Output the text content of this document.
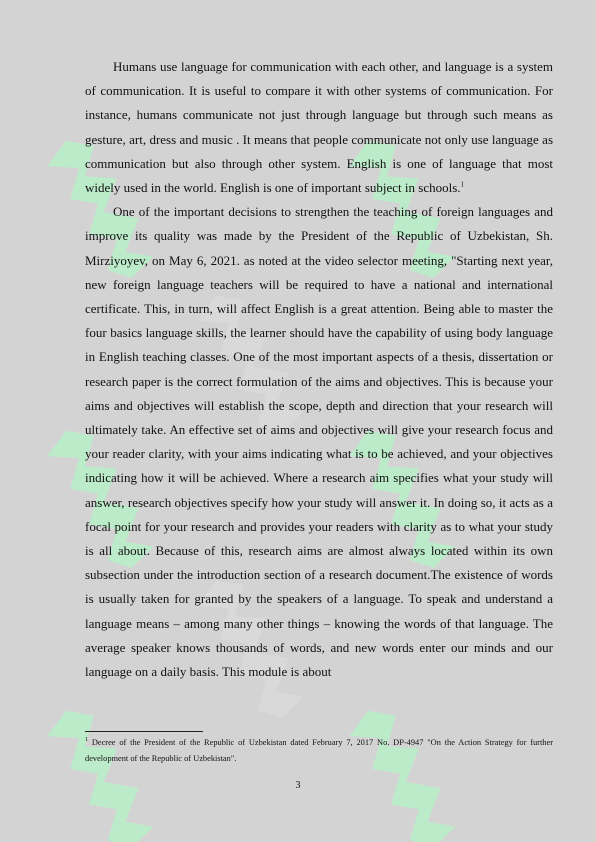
Humans use language for communication with each other, and language is a system of communication. It is useful to compare it with other systems of communication. For instance, humans communicate not just through language but through such means as gesture, art, dress and music . It means that people communicate not only use language as communication but also through other system. English is one of language that most widely used in the world. English is one of important subject in schools.$^1$

One of the important decisions to strengthen the teaching of foreign languages and improve its quality was made by the President of the Republic of Uzbekistan, Sh. Mirziyoyev, on May 6, 2021. as noted at the video selector meeting, "Starting next year, new foreign language teachers will be required to have a national and international certificate. This, in turn, will affect English is a great attention. Being able to master the four basics language skills, the learner should have the capability of using body language in English teaching classes. One of the most important aspects of a thesis, dissertation or research paper is the correct formulation of the aims and objectives. This is because your aims and objectives will establish the scope, depth and direction that your research will ultimately take. An effective set of aims and objectives will give your research focus and your reader clarity, with your aims indicating what is to be achieved, and your objectives indicating how it will be achieved. Where a research aim specifies what your study will answer, research objectives specify how your study will answer it. In doing so, it acts as a focal point for your research and provides your readers with clarity as to what your study is all about. Because of this, research aims are almost always located within its own subsection under the introduction section of a research document.The existence of words is usually taken for granted by the speakers of a language. To speak and understand a language means – among many other things – knowing the words of that language. The average speaker knows thousands of words, and new words enter our minds and our language on a daily basis. This module is about

$^1$ Decree of the President of the Republic of Uzbekistan dated February 7, 2017 No. DP-4947 "On the Action Strategy for further development of the Republic of Uzbekistan".
3
